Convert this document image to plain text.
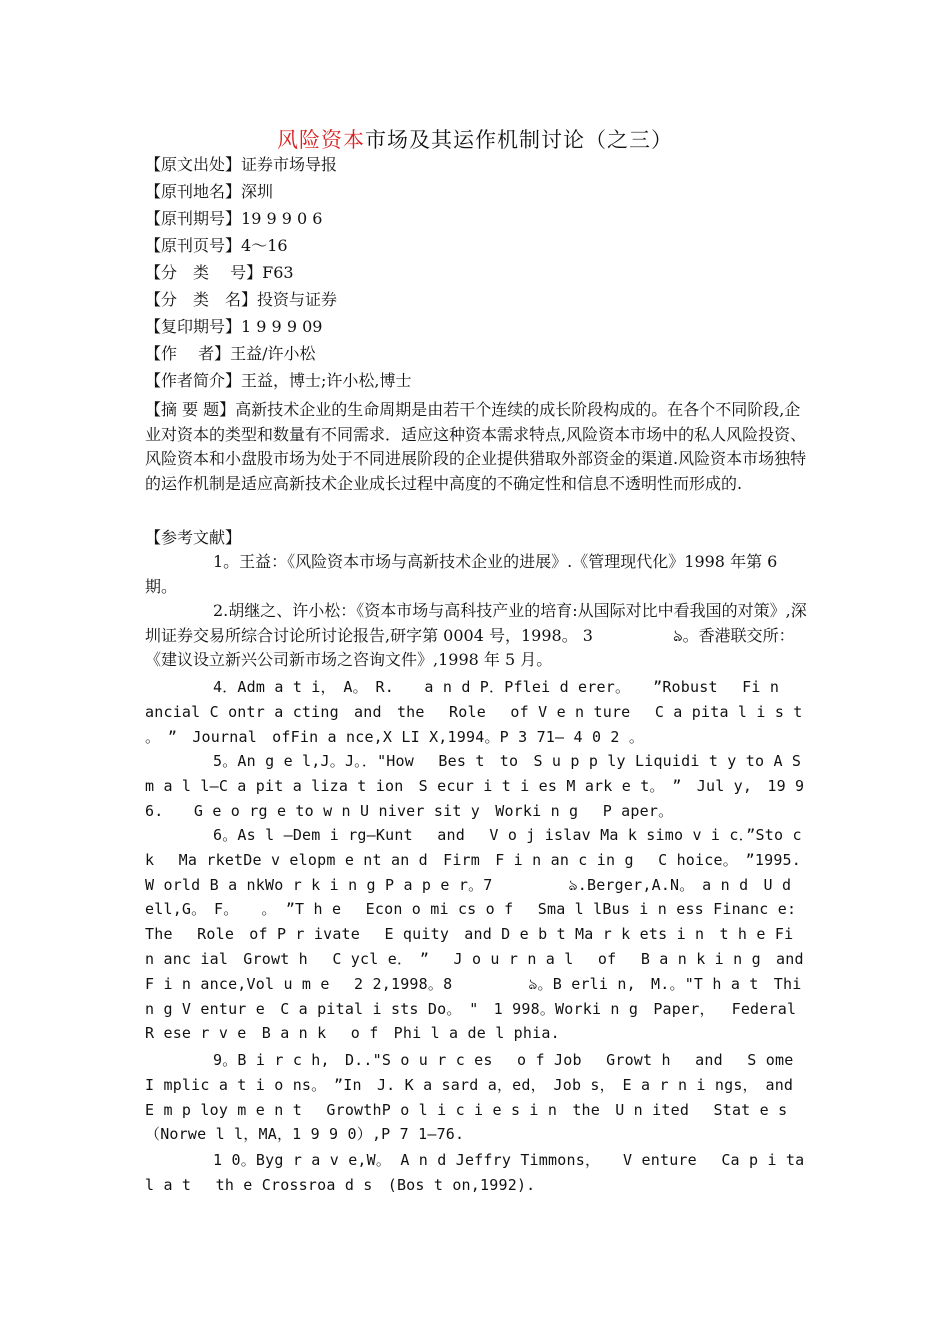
风险资本市场及其运作机制讨论（之三）
【原文出处】证券市场导报
【原刊地名】深圳
【原刊期号】19 9 9 0 6
【原刊页号】4～16
【分　类　 号】F63
【分　类　名】投资与证券
【复印期号】1 9 9 9 09
【作　 者】王益/许小松
【作者简介】王益，博士;许小松,博士
【摘 要 题】高新技术企业的生命周期是由若干个连续的成长阶段构成的。在各个不同阶段,企业对资本的类型和数量有不同需求．适应这种资本需求特点,风险资本市场中的私人风险投资、风险资本和小盘股市场为处于不同进展阶段的企业提供猎取外部资金的渠道.风险资本市场独特的运作机制是适应高新技术企业成长过程中高度的不确定性和信息不透明性而形成的.
【参考文献】
1。王益：《风险资本市场与高新技术企业的进展》.《管理现代化》1998 年第 6 期。
2.胡继之、许小松：《资本市场与高科技产业的培育:从国际对比中看我国的对策》,深圳证券交易所综合讨论所讨论报告,研字第 0004 号，1998。 3　　　　　ঌ。香港联交所：《建议设立新兴公司新市场之咨询文件》,1998 年 5 月。
4．Adm a t i，　A。　R.　　a n d P．Pflei d erer。　　”Robust　 Fi n ancial C ontr a cting　and　the　 Role　 of V e n ture　 C a pita l i s t 。　”　Journal　ofFin a nce,X LI X,1994。P 3 71— 4 0 2 。
5。An g e l,J。J。．"How　 Bes t　to　S u p p ly Liquidi t y to A S m a l l—C a pit a liza t ion　S ecur i t i es M ark e t。　”　Jul y,　19 9 6.　　G e o rg e to w n U niver sit y　Worki n g　 P aper。
6。As l —Dem i rg—Kunt　 and　 V o j islav Ma k simo v i c．”Sto c k　 Ma rketDe v elopm e nt an d　Firm　F i n an c in g　 C hoice。　”1995. W orld B a nkWo r k i n g P a p e r。7　　　　　ঌ.Berger,A.N。　a n d　U d ell,G。　F。　　。 ”T h e　 Econ o mi cs o f　 Sma l lBus i n ess Financ e:　The　 Role　of P r ivate　 E quity　and D e b t Ma r k ets i n　t h e Fi n anc ial　Growt h　 C ycl e．　”　 J o u r n a l　 of　 B a n k i n g　and F i n ance,Vol u m e　 2 2,1998。8　　　　　ঌ。B erli n,　M.。"T h a t　Thi n g V entur e　C a pital i sts Do。　"　1 998。Worki n g　Paper，　 Federal　 R ese r v e　B a n k　 o f　Phi l a de l phia.
9。B i r c h,　D.."S o u r c es　 o f Job　 Growt h　 and　 S ome　I mplic a t i o ns。　”In　J. K a sard a，ed，　Job s，　E a r n i ngs，　and E m p loy m e n t　 GrowthP o l i c i e s i n　the　U n ited　 Stat e s　（Norwe l l，MA，1 9 9 0）,P 7 1—76.
1 0。Byg r a v e,W。 A n d Jeffry Timmons，　　V enture　 Ca p i ta l a t　 th e Crossroa d s　(Bos t on,1992).
